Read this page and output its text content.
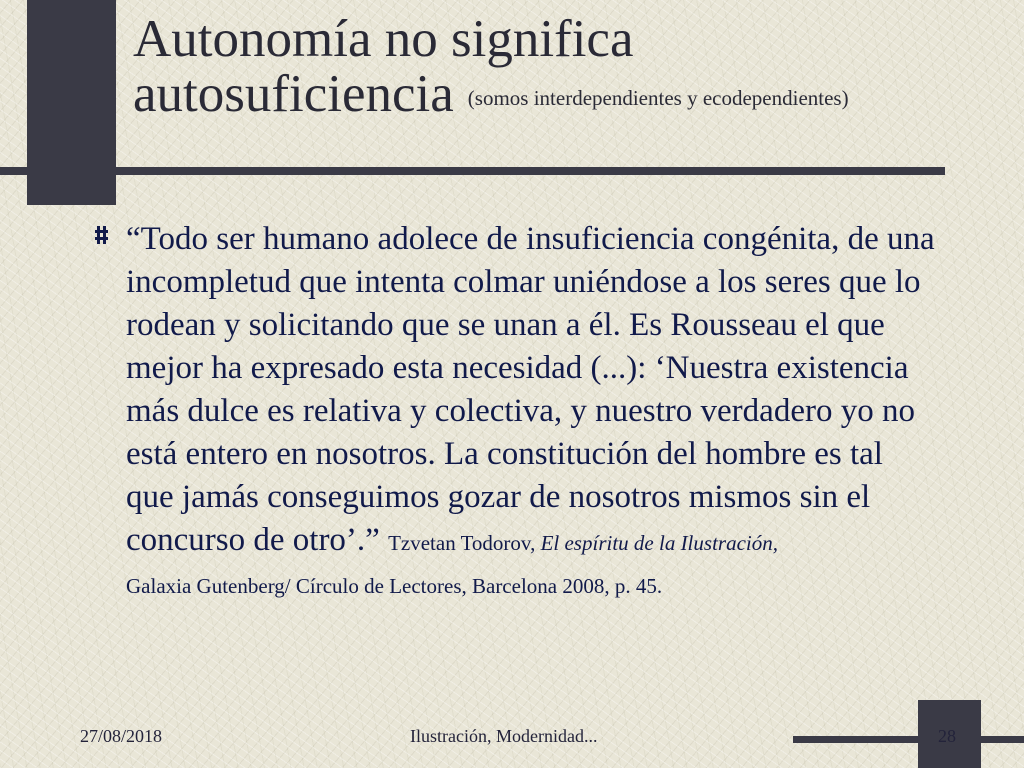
Autonomía no significa autosuficiencia $^{(somos interdependientes y ecodependientes)}$
“Todo ser humano adolece de insuficiencia congénita, de una incompletud que intenta colmar uniéndose a los seres que lo rodean y solicitando que se unan a él. Es Rousseau el que mejor ha expresado esta necesidad (...): ‘Nuestra existencia más dulce es relativa y colectiva, y nuestro verdadero yo no está entero en nosotros. La constitución del hombre es tal que jamás conseguimos gozar de nosotros mismos sin el concurso de otro’.” Tzvetan Todorov, El espíritu de la Ilustración,
Galaxia Gutenberg/ Círculo de Lectores, Barcelona 2008, p. 45.
27/08/2018	Ilustración, Modernidad...	28
